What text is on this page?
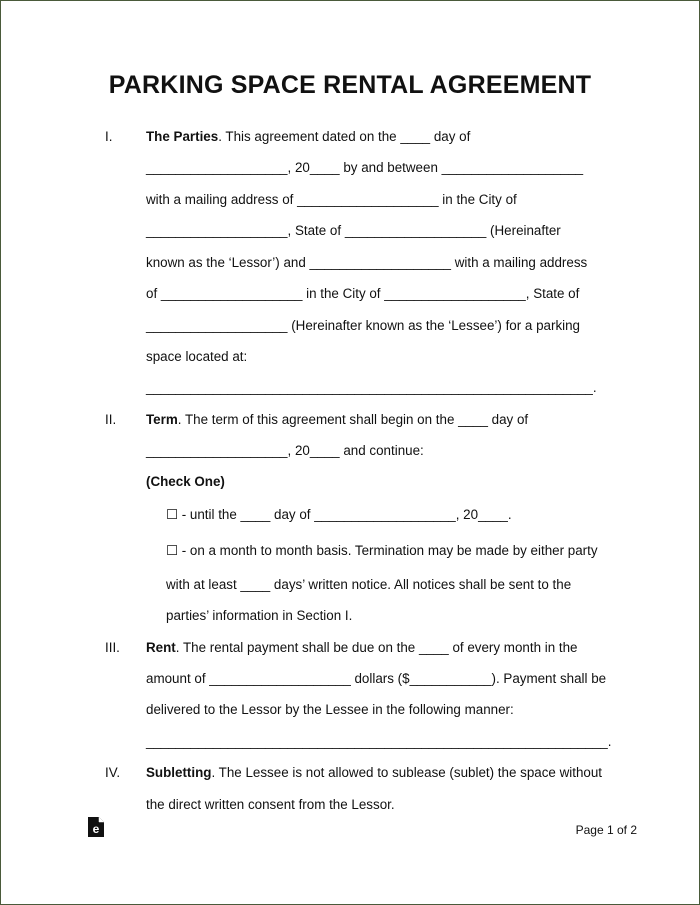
PARKING SPACE RENTAL AGREEMENT
I.	The Parties. This agreement dated on the ____ day of
___________________, 20____ by and between ___________________
with a mailing address of ___________________ in the City of
___________________, State of ___________________ (Hereinafter
known as the ‘Lessor’) and ___________________ with a mailing address
of ___________________ in the City of ___________________, State of
___________________ (Hereinafter known as the ‘Lessee’) for a parking
space located at:
____________________________________________________________.
II. Term. The term of this agreement shall begin on the ____ day of
___________________, 20____ and continue:
(Check One)
☐ - until the ____ day of ___________________, 20____.
☐ - on a month to month basis. Termination may be made by either party
with at least ____ days’ written notice. All notices shall be sent to the
parties’ information in Section I.
III. Rent. The rental payment shall be due on the ____ of every month in the
amount of ___________________ dollars ($___________). Payment shall be
delivered to the Lessor by the Lessee in the following manner:
______________________________________________________________.
IV. Subletting. The Lessee is not allowed to sublease (sublet) the space without
the direct written consent from the Lessor.
e	Page 1 of 2
